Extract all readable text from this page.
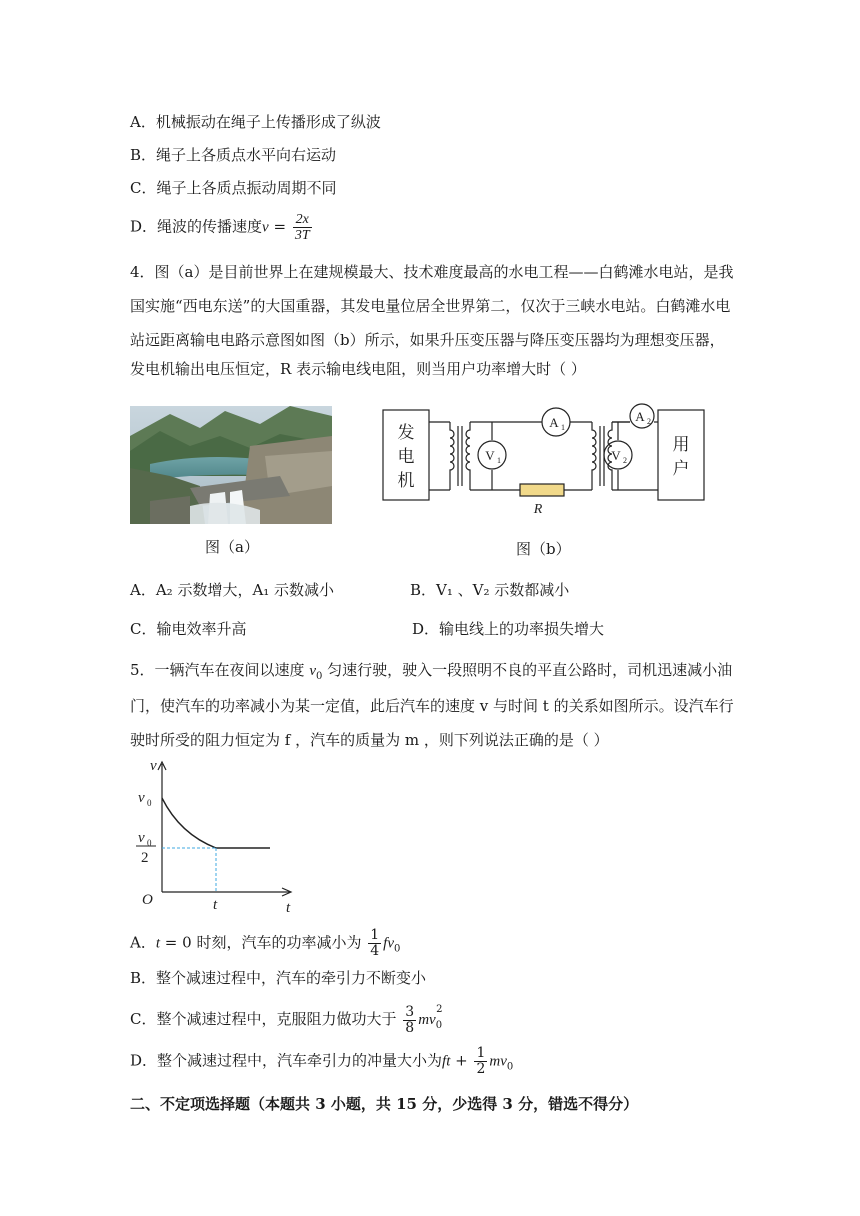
A．机械振动在绳子上传播形成了纵波
B．绳子上各质点水平向右运动
C．绳子上各质点振动周期不同
D．绳波的传播速度$v = \frac{2x}{3T}$
4．图（a）是目前世界上在建规模最大、技术难度最高的水电工程——白鹤滩水电站，是我
国实施“西电东送”的大国重器，其发电量位居全世界第二，仅次于三峡水电站。白鹤滩水电
站远距离输电电路示意图如图（b）所示，如果升压变压器与降压变压器均为理想变压器，
发电机输出电压恒定，R 表示输电线电阻，则当用户功率增大时（ ）
图（a）
发
电
机
用
户
V 1
A 1
V 2
A 2
R
图（b）
A．A₂ 示数增大，A₁ 示数减小	B．V₁ 、V₂ 示数都减小
C．输电效率升高	D．输电线上的功率损失增大
5．一辆汽车在夜间以速度 $v_0$ 匀速行驶，驶入一段照明不良的平直公路时，司机迅速减小油
门，使汽车的功率减小为某一定值，此后汽车的速度 v 与时间 t 的关系如图所示。设汽车行
驶时所受的阻力恒定为 f ，汽车的质量为 m ，则下列说法正确的是（ ）
v
t
O
v 0
v 0
2
t
A．t = 0 时刻，汽车的功率减小为 $\frac{1}{4} fv_0$
B．整个减速过程中，汽车的牵引力不断变小
C．整个减速过程中，克服阻力做功大于 $\frac{3}{8} mv_0^2$
D．整个减速过程中，汽车牵引力的冲量大小为ft + $\frac{1}{2} mv_0$
二、不定项选择题（本题共 3 小题，共 15 分，少选得 3 分，错选不得分）
